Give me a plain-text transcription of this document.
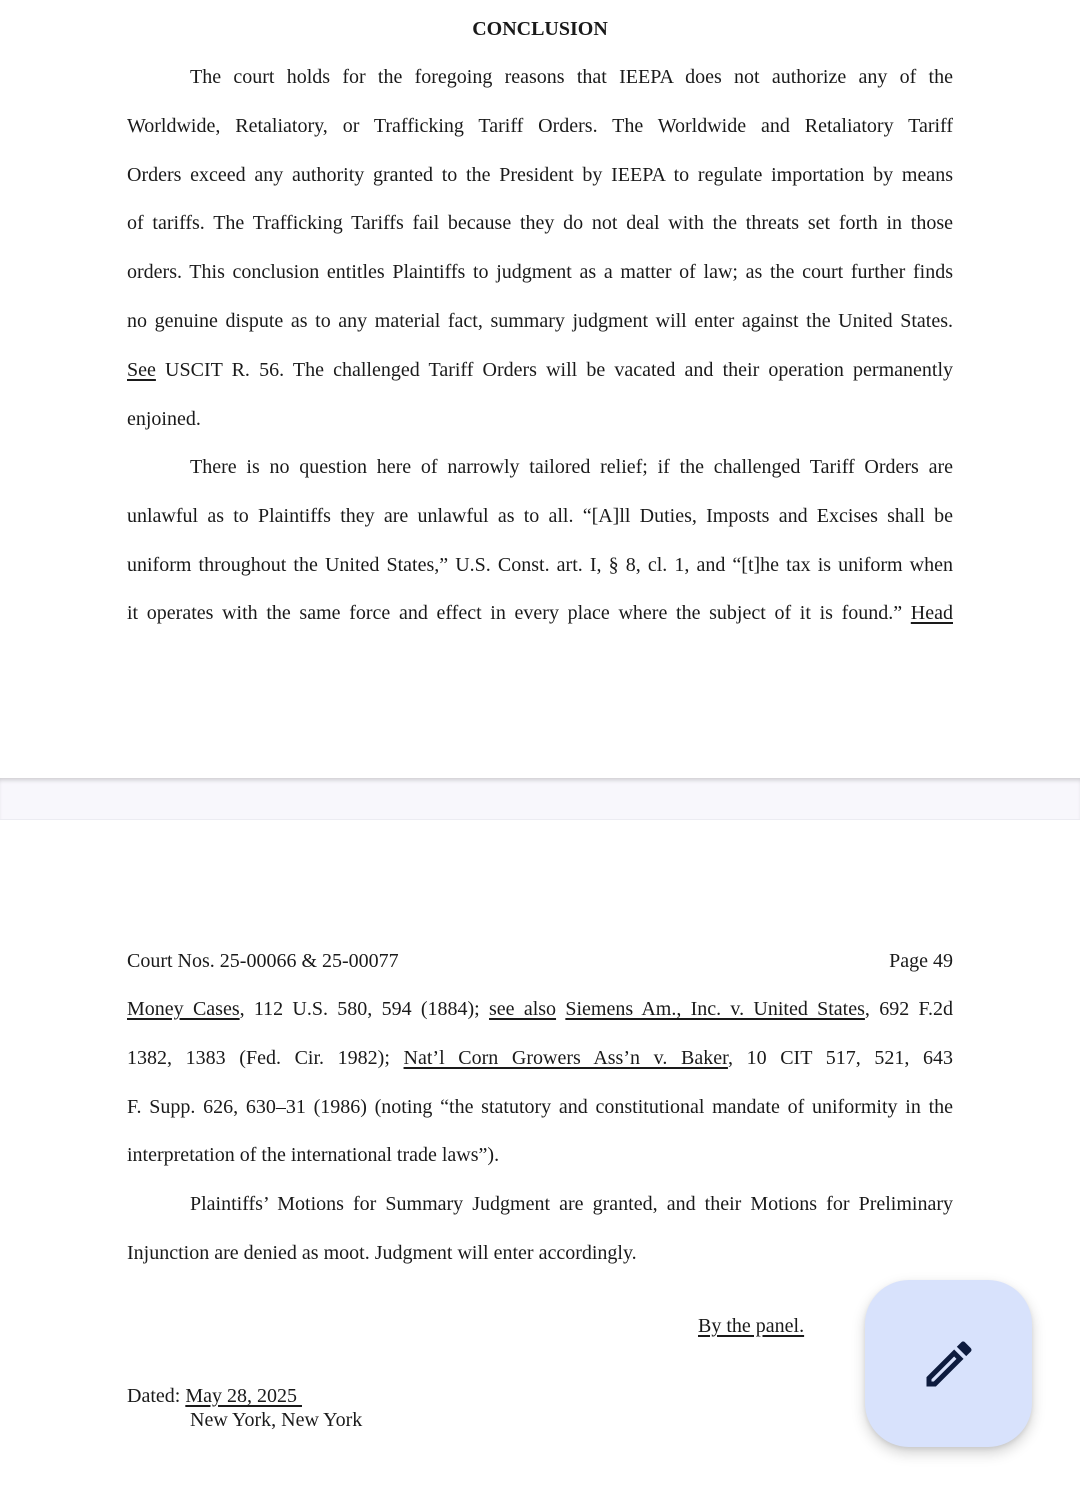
CONCLUSION
The court holds for the foregoing reasons that IEEPA does not authorize any of the
Worldwide, Retaliatory, or Trafficking Tariff Orders. The Worldwide and Retaliatory Tariff
Orders exceed any authority granted to the President by IEEPA to regulate importation by means
of tariffs. The Trafficking Tariffs fail because they do not deal with the threats set forth in those
orders. This conclusion entitles Plaintiffs to judgment as a matter of law; as the court further finds
no genuine dispute as to any material fact, summary judgment will enter against the United States.
See USCIT R. 56. The challenged Tariff Orders will be vacated and their operation permanently
enjoined.
There is no question here of narrowly tailored relief; if the challenged Tariff Orders are
unlawful as to Plaintiffs they are unlawful as to all. “[A]ll Duties, Imposts and Excises shall be
uniform throughout the United States,” U.S. Const. art. I, § 8, cl. 1, and “[t]he tax is uniform when
it operates with the same force and effect in every place where the subject of it is found.” Head
Court Nos. 25-00066 & 25-00077	Page 49
Money Cases, 112 U.S. 580, 594 (1884); see also Siemens Am., Inc. v. United States, 692 F.2d
1382, 1383 (Fed. Cir. 1982); Nat’l Corn Growers Ass’n v. Baker, 10 CIT 517, 521, 643
F. Supp. 626, 630–31 (1986) (noting “the statutory and constitutional mandate of uniformity in the
interpretation of the international trade laws”).
Plaintiffs’ Motions for Summary Judgment are granted, and their Motions for Preliminary
Injunction are denied as moot. Judgment will enter accordingly.
By the panel.
Dated: May 28, 2025
New York, New York
